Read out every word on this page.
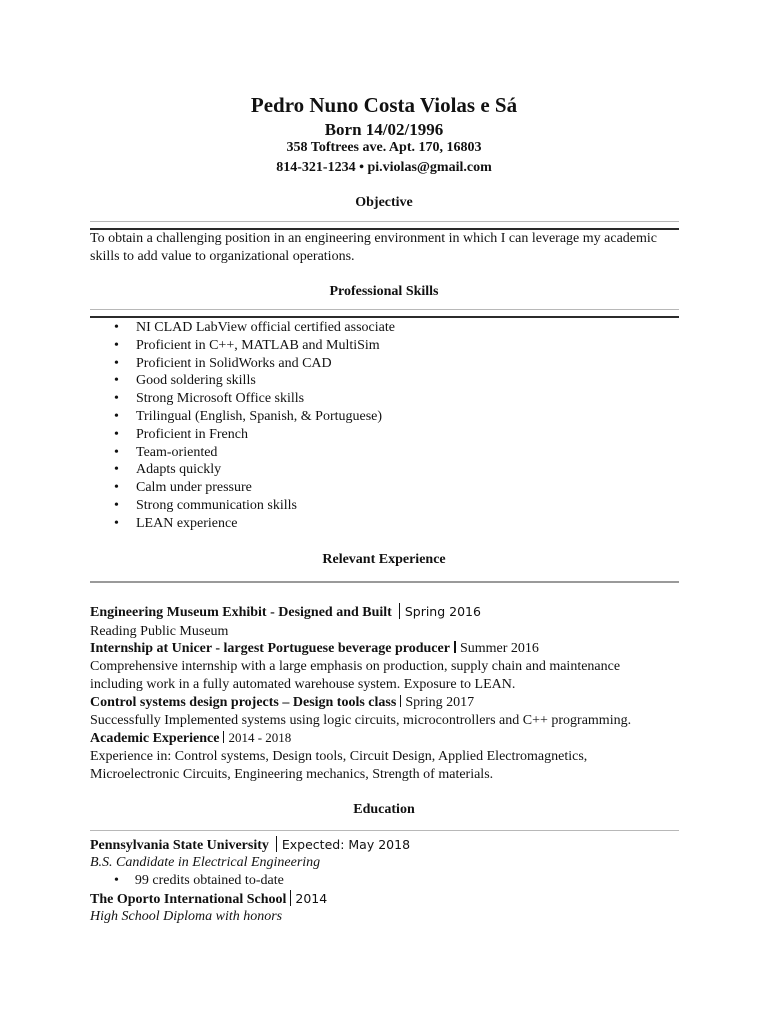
Pedro Nuno Costa Violas e Sá
Born 14/02/1996
358 Toftrees ave. Apt. 170, 16803
814-321-1234 • pi.violas@gmail.com
Objective
To obtain a challenging position in an engineering environment in which I can leverage my academic skills to add value to organizational operations.
Professional Skills
• NI CLAD LabView official certified associate
• Proficient in C++, MATLAB and MultiSim
• Proficient in SolidWorks and CAD
• Good soldering skills
• Strong Microsoft Office skills
• Trilingual (English, Spanish, & Portuguese)
• Proficient in French
• Team-oriented
• Adapts quickly
• Calm under pressure
• Strong communication skills
• LEAN experience
Relevant Experience
Engineering Museum Exhibit - Designed and Built Spring 2016
Reading Public Museum
Internship at Unicer - largest Portuguese beverage producer Summer 2016
Comprehensive internship with a large emphasis on production, supply chain and maintenance
including work in a fully automated warehouse system. Exposure to LEAN.
Control systems design projects – Design tools class Spring 2017
Successfully Implemented systems using logic circuits, microcontrollers and C++ programming.
Academic Experience 2014 - 2018
Experience in: Control systems, Design tools, Circuit Design, Applied Electromagnetics,
Microelectronic Circuits, Engineering mechanics, Strength of materials.
Education
Pennsylvania State University Expected: May 2018
B.S. Candidate in Electrical Engineering
• 99 credits obtained to-date
The Oporto International School 2014
High School Diploma with honors
